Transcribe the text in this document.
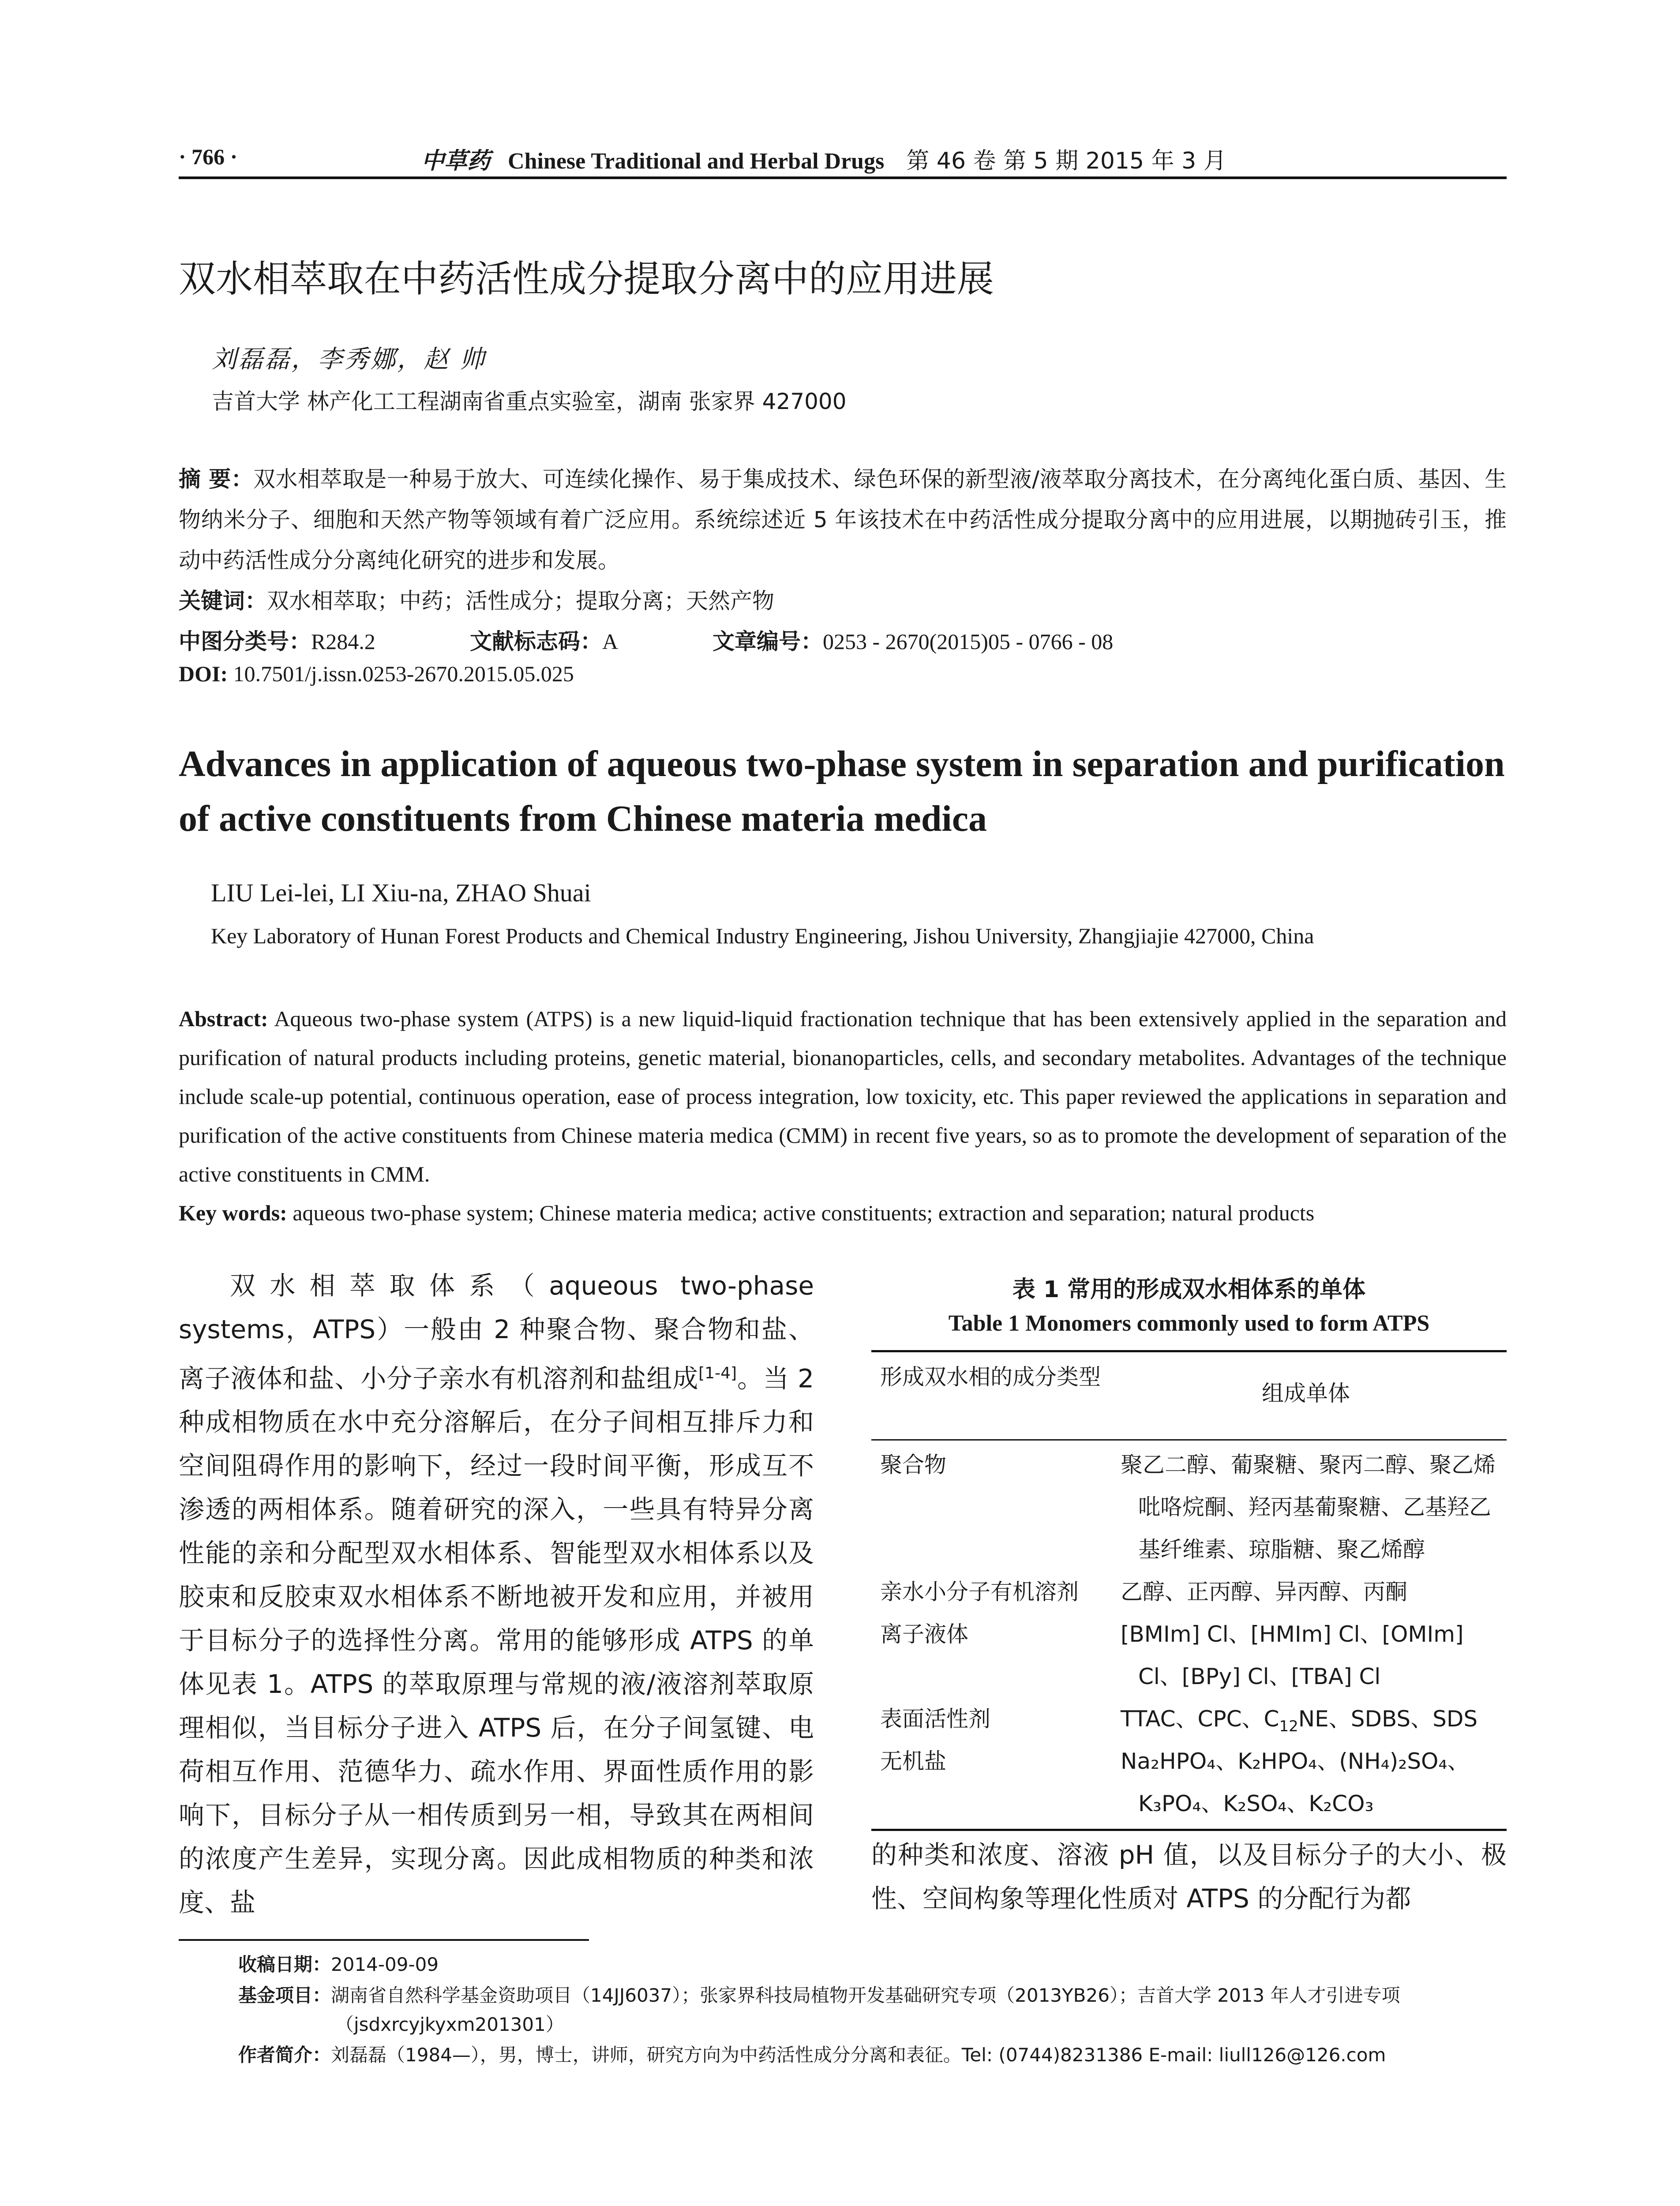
· 766 ·	中草药 Chinese Traditional and Herbal Drugs 第 46 卷 第 5 期 2015 年 3 月
双水相萃取在中药活性成分提取分离中的应用进展
刘磊磊，李秀娜，赵 帅
吉首大学 林产化工工程湖南省重点实验室，湖南 张家界 427000
摘 要：双水相萃取是一种易于放大、可连续化操作、易于集成技术、绿色环保的新型液/液萃取分离技术，在分离纯化蛋白质、基因、生物纳米分子、细胞和天然产物等领域有着广泛应用。系统综述近 5 年该技术在中药活性成分提取分离中的应用进展，以期抛砖引玉，推动中药活性成分分离纯化研究的进步和发展。
关键词：双水相萃取；中药；活性成分；提取分离；天然产物
中图分类号： R284.2	文献标志码： A	文章编号： 0253 - 2670(2015)05 - 0766 - 08
DOI: 10.7501/j.issn.0253-2670.2015.05.025
Advances in application of aqueous two-phase system in separation and purification of active constituents from Chinese materia medica
LIU Lei-lei, LI Xiu-na, ZHAO Shuai
Key Laboratory of Hunan Forest Products and Chemical Industry Engineering, Jishou University, Zhangjiajie 427000, China
Abstract: Aqueous two-phase system (ATPS) is a new liquid-liquid fractionation technique that has been extensively applied in the separation and purification of natural products including proteins, genetic material, bionanoparticles, cells, and secondary metabolites. Advantages of the technique include scale-up potential, continuous operation, ease of process integration, low toxicity, etc. This paper reviewed the applications in separation and purification of the active constituents from Chinese materia medica (CMM) in recent five years, so as to promote the development of separation of the active constituents in CMM.
Key words: aqueous two-phase system; Chinese materia medica; active constituents; extraction and separation; natural products
双水相萃取体系（aqueous two-phase systems，ATPS）一般由 2 种聚合物、聚合物和盐、离子液体和盐、小分子亲水有机溶剂和盐组成[1-4]。当 2 种成相物质在水中充分溶解后，在分子间相互排斥力和空间阻碍作用的影响下，经过一段时间平衡，形成互不渗透的两相体系。随着研究的深入，一些具有特异分离性能的亲和分配型双水相体系、智能型双水相体系以及胶束和反胶束双水相体系不断地被开发和应用，并被用于目标分子的选择性分离。常用的能够形成 ATPS 的单体见表 1。ATPS 的萃取原理与常规的液/液溶剂萃取原理相似，当目标分子进入 ATPS 后，在分子间氢键、电荷相互作用、范德华力、疏水作用、界面性质作用的影响下，目标分子从一相传质到另一相，导致其在两相间的浓度产生差异，实现分离。因此成相物质的种类和浓度、盐
表 1 常用的形成双水相体系的单体
Table 1 Monomers commonly used to form ATPS
形成双水相的成分类型
组成单体
聚合物	聚乙二醇、葡聚糖、聚丙二醇、聚乙烯吡咯烷酮、羟丙基葡聚糖、乙基羟乙基纤维素、琼脂糖、聚乙烯醇
亲水小分子有机溶剂	乙醇、正丙醇、异丙醇、丙酮
离子液体	[BMIm] Cl、[HMIm] Cl、[OMIm] Cl、[BPy] Cl、[TBA] Cl
表面活性剂	TTAC、CPC、$C_{12}NE$、SDBS、SDS
无机盐	Na₂HPO₄、K₂HPO₄、(NH₄)₂SO₄、
K₃PO₄、K₂SO₄、K₂CO₃
的种类和浓度、溶液 pH 值，以及目标分子的大小、极性、空间构象等理化性质对 ATPS 的分配行为都
收稿日期：2014-09-09
基金项目：湖南省自然科学基金资助项目（14JJ6037）；张家界科技局植物开发基础研究专项（2013YB26）；吉首大学 2013 年人才引进专项（jsdxrcyjkyxm201301）
作者简介：刘磊磊（1984—），男，博士，讲师，研究方向为中药活性成分分离和表征。Tel: (0744)8231386 E-mail: liull126@126.com
